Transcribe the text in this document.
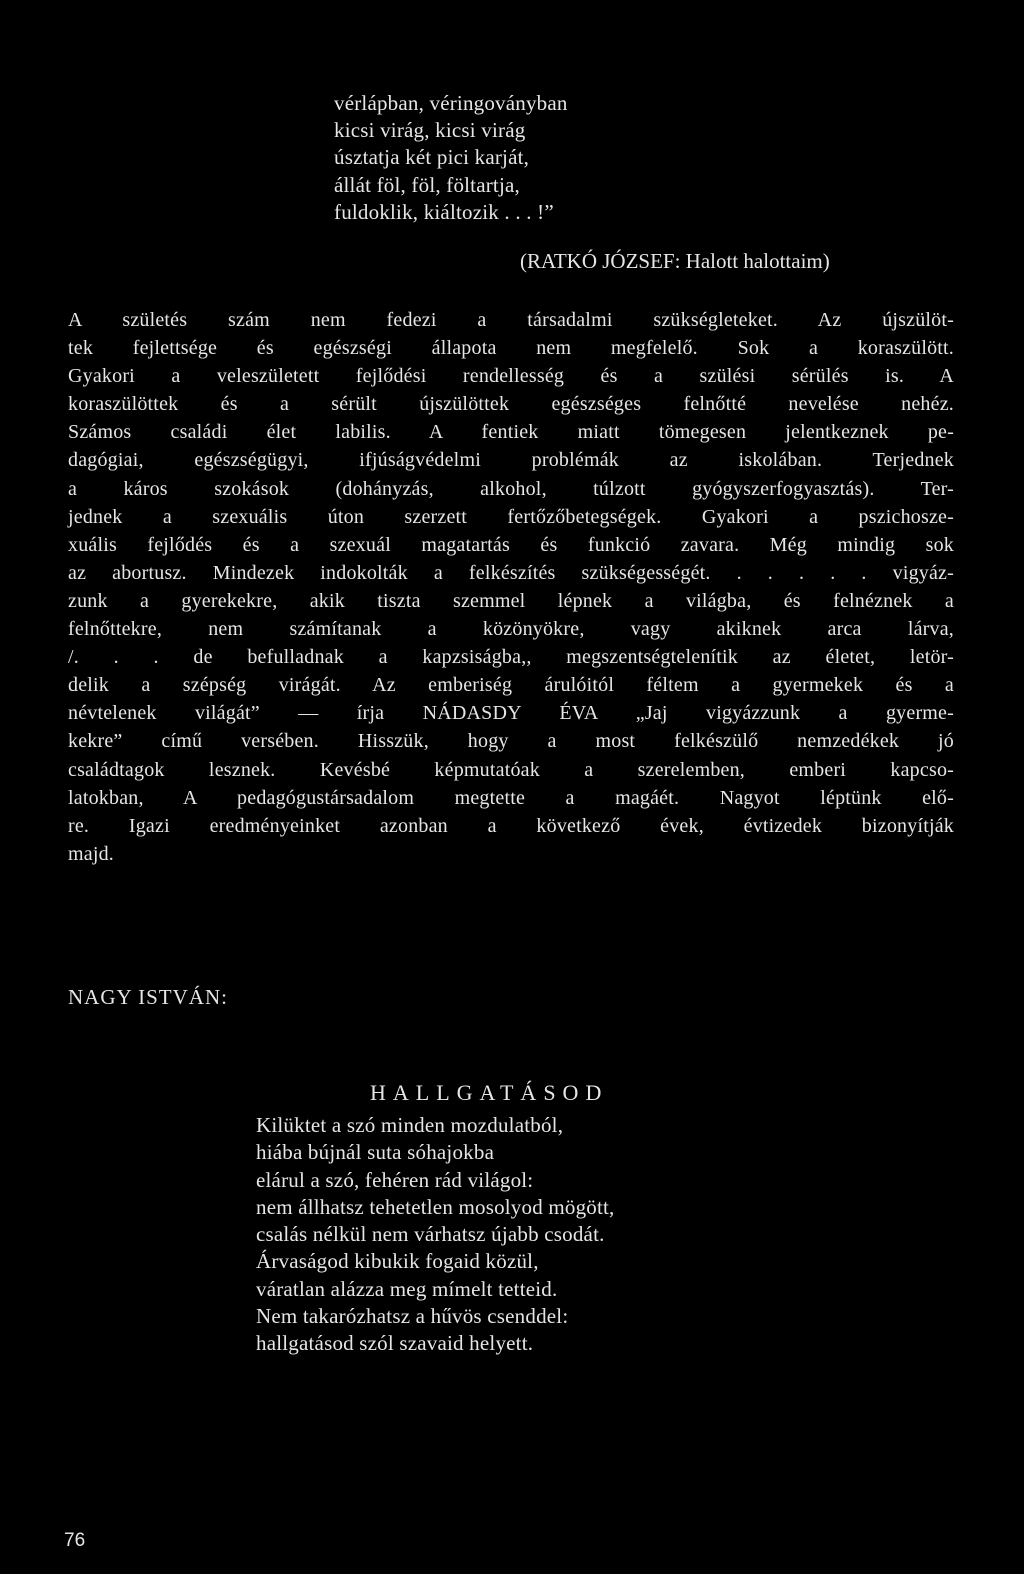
vérlápban, véringoványban
kicsi virág, kicsi virág
úsztatja két pici karját,
állát föl, föl, föltartja,
fuldoklik, kiáltozik . . . !”
(RATKÓ JÓZSEF: Halott halottaim)
A születés szám nem fedezi a társadalmi szükségleteket. Az újszülöt-
tek fejlettsége és egészségi állapota nem megfelelő. Sok a koraszülött.
Gyakori a veleszületett fejlődési rendellesség és a szülési sérülés is. A
koraszülöttek és a sérült újszülöttek egészséges felnőtté nevelése nehéz.
Számos családi élet labilis. A fentiek miatt tömegesen jelentkeznek pe-
dagógiai, egészségügyi, ifjúságvédelmi problémák az iskolában. Terjednek
a káros szokások (dohányzás, alkohol, túlzott gyógyszerfogyasztás). Ter-
jednek a szexuális úton szerzett fertőzőbetegségek. Gyakori a pszichosze-
xuális fejlődés és a szexuál magatartás és funkció zavara. Még mindig sok
az abortusz. Mindezek indokolták a felkészítés szükségességét. . . . . . vigyáz-
zunk a gyerekekre, akik tiszta szemmel lépnek a világba, és felnéznek a
felnőttekre, nem számítanak a közönyökre, vagy akiknek arca lárva,
/. . . de befulladnak a kapzsiságba,, megszentségtelenítik az életet, letör-
delik a szépség virágát. Az emberiség árulóitól féltem a gyermekek és a
névtelenek világát” — írja NÁDASDY ÉVA „Jaj vigyázzunk a gyerme-
kekre” című versében. Hisszük, hogy a most felkészülő nemzedékek jó
családtagok lesznek. Kevésbé képmutatóak a szerelemben, emberi kapcso-
latokban, A pedagógustársadalom megtette a magáét. Nagyot léptünk elő-
re. Igazi eredményeinket azonban a következő évek, évtizedek bizonyítják
majd.
NAGY ISTVÁN:
HALLGATÁSOD
Kilüktet a szó minden mozdulatból,
hiába bújnál suta sóhajokba
elárul a szó, fehéren rád világol:
nem állhatsz tehetetlen mosolyod mögött,
csalás nélkül nem várhatsz újabb csodát.
Árvaságod kibukik fogaid közül,
váratlan alázza meg mímelt tetteid.
Nem takarózhatsz a hűvös csenddel:
hallgatásod szól szavaid helyett.
76
